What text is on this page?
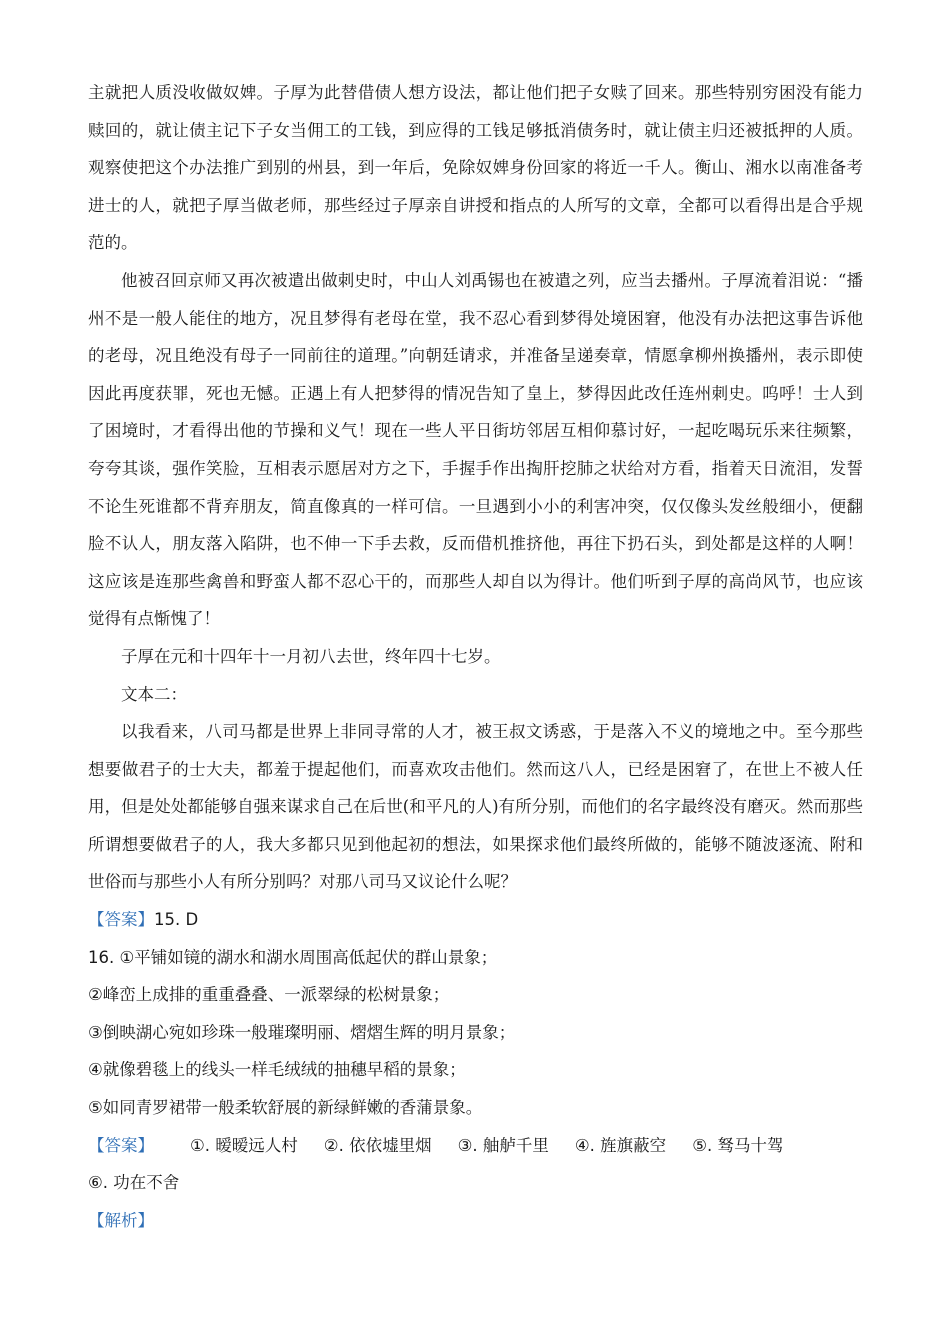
主就把人质没收做奴婢。子厚为此替借债人想方设法，都让他们把子女赎了回来。那些特别穷困没有能力赎回的，就让债主记下子女当佣工的工钱，到应得的工钱足够抵消债务时，就让债主归还被抵押的人质。观察使把这个办法推广到别的州县，到一年后，免除奴婢身份回家的将近一千人。衡山、湘水以南准备考进士的人，就把子厚当做老师，那些经过子厚亲自讲授和指点的人所写的文章，全都可以看得出是合乎规范的。

他被召回京师又再次被遣出做刺史时，中山人刘禹锡也在被遣之列，应当去播州。子厚流着泪说：“播州不是一般人能住的地方，况且梦得有老母在堂，我不忍心看到梦得处境困窘，他没有办法把这事告诉他的老母，况且绝没有母子一同前往的道理。”向朝廷请求，并准备呈递奏章，情愿拿柳州换播州，表示即使因此再度获罪，死也无憾。正遇上有人把梦得的情况告知了皇上，梦得因此改任连州刺史。呜呼！士人到了困境时，才看得出他的节操和义气！现在一些人平日街坊邻居互相仰慕讨好，一起吃喝玩乐来往频繁，夸夸其谈，强作笑脸，互相表示愿居对方之下，手握手作出掏肝挖肺之状给对方看，指着天日流泪，发誓不论生死谁都不背弃朋友，简直像真的一样可信。一旦遇到小小的利害冲突，仅仅像头发丝般细小，便翻脸不认人，朋友落入陷阱，也不伸一下手去救，反而借机推挤他，再往下扔石头，到处都是这样的人啊！这应该是连那些禽兽和野蛮人都不忍心干的，而那些人却自以为得计。他们听到子厚的高尚风节，也应该觉得有点惭愧了！

子厚在元和十四年十一月初八去世，终年四十七岁。

文本二：

以我看来，八司马都是世界上非同寻常的人才，被王叔文诱惑，于是落入不义的境地之中。至今那些想要做君子的士大夫，都羞于提起他们，而喜欢攻击他们。然而这八人，已经是困窘了，在世上不被人任用，但是处处都能够自强来谋求自己在后世(和平凡的人)有所分别，而他们的名字最终没有磨灭。然而那些所谓想要做君子的人，我大多都只见到他起初的想法，如果探求他们最终所做的，能够不随波逐流、附和世俗而与那些小人有所分别吗？对那八司马又议论什么呢？

【答案】15. D

16. ①平铺如镜的湖水和湖水周围高低起伏的群山景象；

②峰峦上成排的重重叠叠、一派翠绿的松树景象；

③倒映湖心宛如珍珠一般璀璨明丽、熠熠生辉的明月景象；

④就像碧毯上的线头一样毛绒绒的抽穗早稻的景象；

⑤如同青罗裙带一般柔软舒展的新绿鲜嫩的香蒲景象。

【答案】 ①. 暧暧远人村 ②. 依依墟里烟 ③. 舳舻千里 ④. 旌旗蔽空 ⑤. 驽马十驾
⑥. 功在不舍

【解析】
